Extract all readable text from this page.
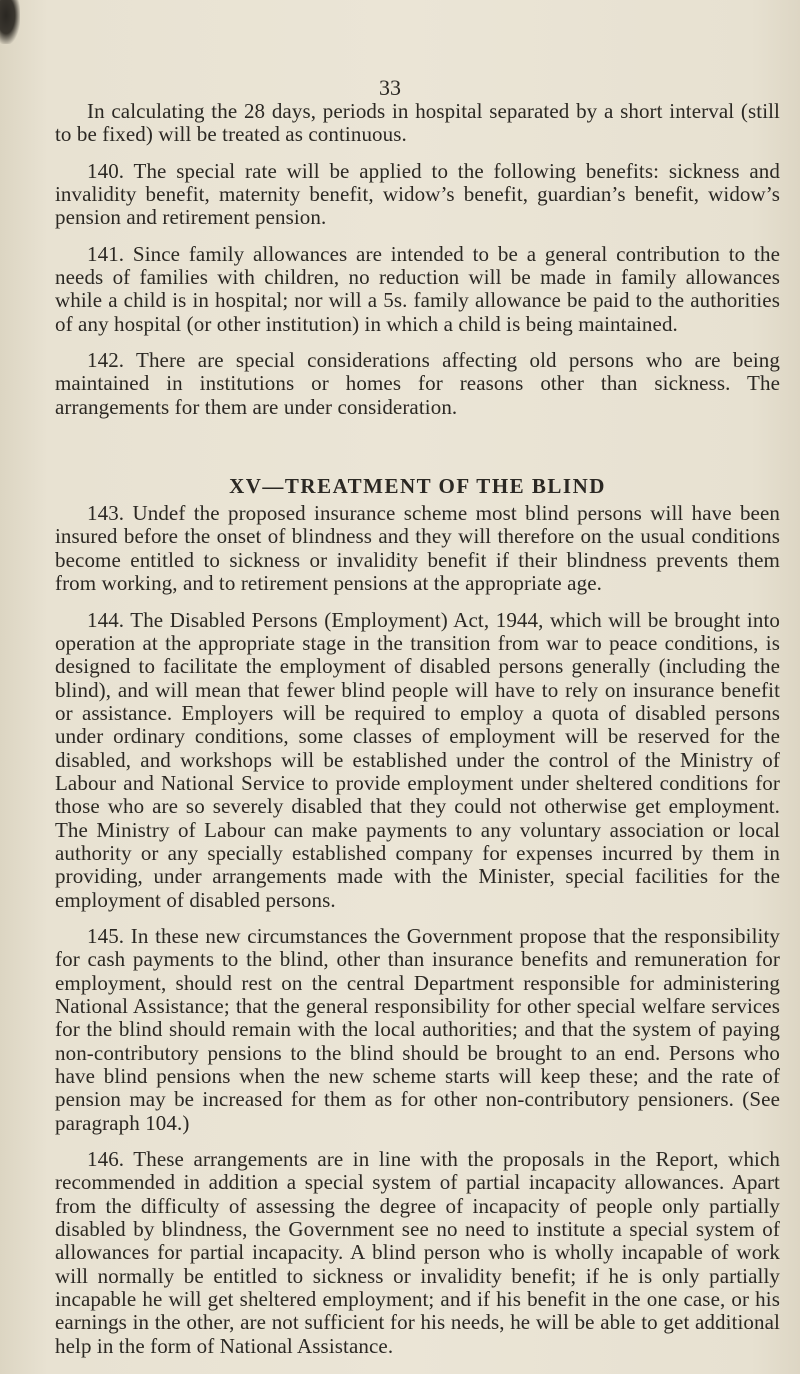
33

In calculating the 28 days, periods in hospital separated by a short interval (still to be fixed) will be treated as continuous.

140. The special rate will be applied to the following benefits: sickness and invalidity benefit, maternity benefit, widow’s benefit, guardian’s benefit, widow’s pension and retirement pension.

141. Since family allowances are intended to be a general contribution to the needs of families with children, no reduction will be made in family allowances while a child is in hospital; nor will a 5s. family allowance be paid to the authorities of any hospital (or other institution) in which a child is being maintained.

142. There are special considerations affecting old persons who are being maintained in institutions or homes for reasons other than sickness. The arrangements for them are under consideration.

XV—TREATMENT OF THE BLIND

143. Undef the proposed insurance scheme most blind persons will have been insured before the onset of blindness and they will therefore on the usual conditions become entitled to sickness or invalidity benefit if their blindness prevents them from working, and to retirement pensions at the appropriate age.

144. The Disabled Persons (Employment) Act, 1944, which will be brought into operation at the appropriate stage in the transition from war to peace conditions, is designed to facilitate the employment of disabled persons generally (including the blind), and will mean that fewer blind people will have to rely on insurance benefit or assistance. Employers will be required to employ a quota of disabled persons under ordinary conditions, some classes of employment will be reserved for the disabled, and workshops will be established under the control of the Ministry of Labour and National Service to provide employment under sheltered conditions for those who are so severely disabled that they could not otherwise get employment. The Ministry of Labour can make payments to any voluntary association or local authority or any specially established company for expenses incurred by them in providing, under arrangements made with the Minister, special facilities for the employment of disabled persons.

145. In these new circumstances the Government propose that the responsibility for cash payments to the blind, other than insurance benefits and remuneration for employment, should rest on the central Department responsible for administering National Assistance; that the general responsibility for other special welfare services for the blind should remain with the local authorities; and that the system of paying non-contributory pensions to the blind should be brought to an end. Persons who have blind pensions when the new scheme starts will keep these; and the rate of pension may be increased for them as for other non-contributory pensioners. (See paragraph 104.)

146. These arrangements are in line with the proposals in the Report, which recommended in addition a special system of partial incapacity allowances. Apart from the difficulty of assessing the degree of incapacity of people only partially disabled by blindness, the Government see no need to institute a special system of allowances for partial incapacity. A blind person who is wholly incapable of work will normally be entitled to sickness or invalidity benefit; if he is only partially incapable he will get sheltered employment; and if his benefit in the one case, or his earnings in the other, are not sufficient for his needs, he will be able to get additional help in the form of National Assistance.
